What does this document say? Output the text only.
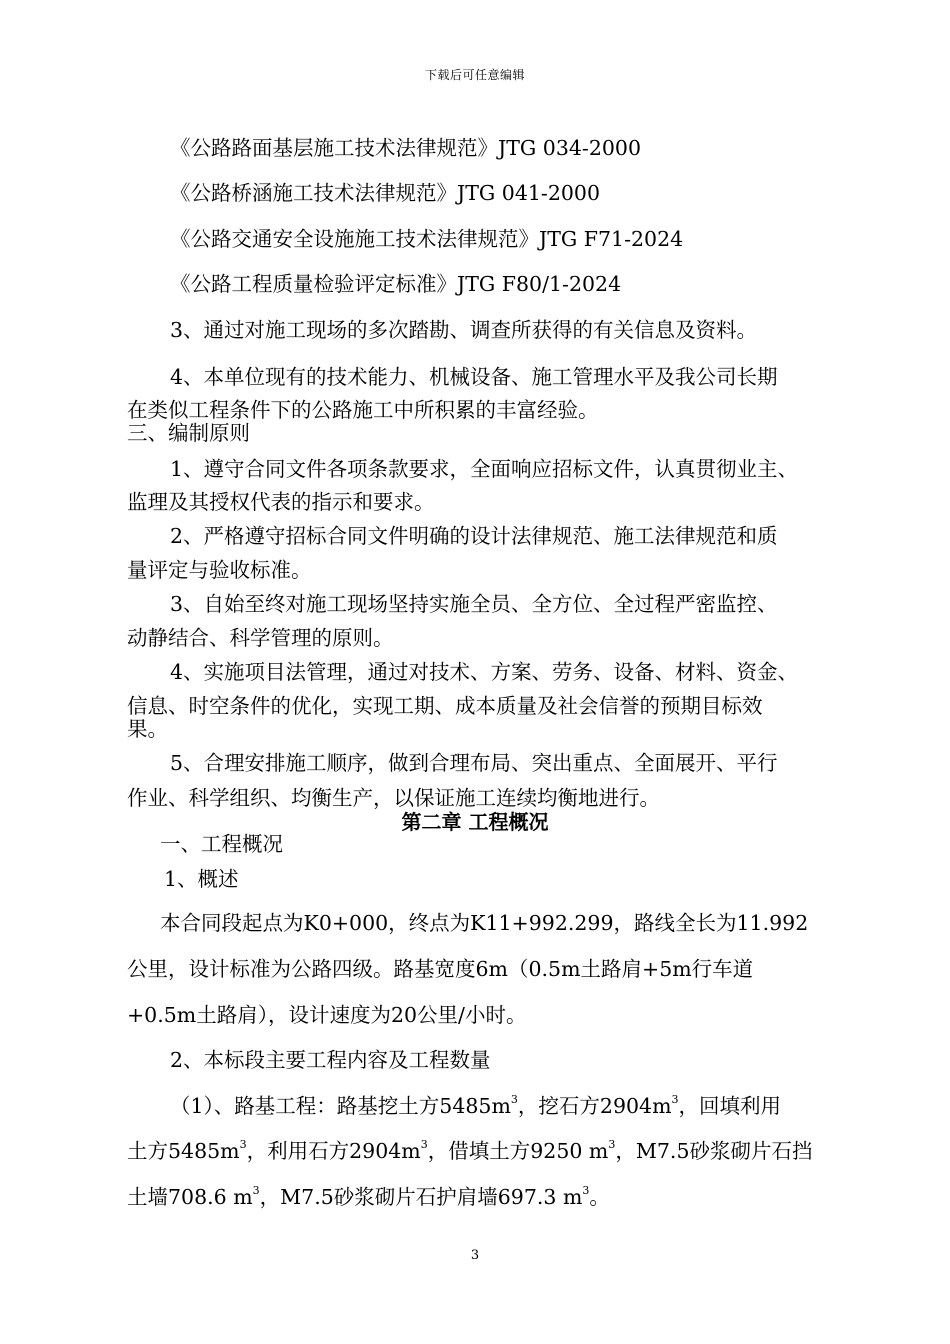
下载后可任意编辑
《公路路面基层施工技术法律规范》JTG 034-2000
《公路桥涵施工技术法律规范》JTG 041-2000
《公路交通安全设施施工技术法律规范》JTG F71-2024
《公路工程质量检验评定标准》JTG F80/1-2024
3、通过对施工现场的多次踏勘、调查所获得的有关信息及资料。
4、本单位现有的技术能力、机械设备、施工管理水平及我公司长期
在类似工程条件下的公路施工中所积累的丰富经验。
三、编制原则
1、遵守合同文件各项条款要求，全面响应招标文件，认真贯彻业主、
监理及其授权代表的指示和要求。
2、严格遵守招标合同文件明确的设计法律规范、施工法律规范和质
量评定与验收标准。
3、自始至终对施工现场坚持实施全员、全方位、全过程严密监控、
动静结合、科学管理的原则。
4、实施项目法管理，通过对技术、方案、劳务、设备、材料、资金、
信息、时空条件的优化，实现工期、成本质量及社会信誉的预期目标效
果。
5、合理安排施工顺序，做到合理布局、突出重点、全面展开、平行
作业、科学组织、均衡生产，以保证施工连续均衡地进行。
第二章 工程概况
一、工程概况
1、概述
本合同段起点为K0+000，终点为K11+992.299，路线全长为11.992
公里，设计标准为公路四级。路基宽度6m（0.5m土路肩+5m行车道
+0.5m土路肩），设计速度为20公里/小时。
2、本标段主要工程内容及工程数量
（1）、路基工程：路基挖土方$5485m^3$，挖石方$2904m^3$，回填利用
土方$5485m^3$，利用石方$2904m^3$，借填土方9250 $m^3$，M7.5砂浆砌片石挡
土墙708.6 $m^3$，M7.5砂浆砌片石护肩墙697.3 $m^3$。
3
